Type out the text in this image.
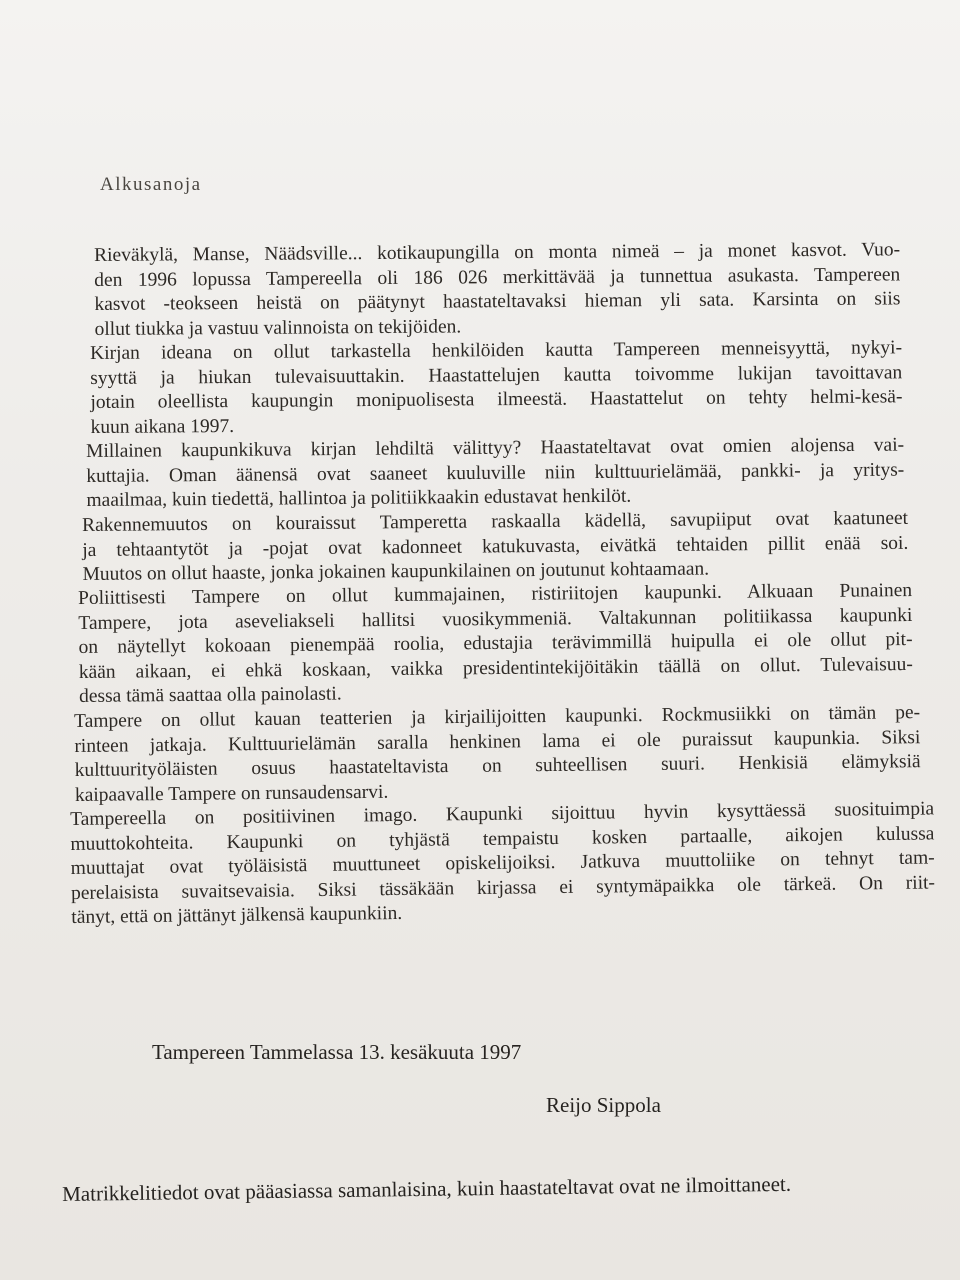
Alkusanoja
Rieväkylä, Manse, Näädsville... kotikaupungilla on monta nimeä – ja monet kasvot. Vuo-
den 1996 lopussa Tampereella oli 186 026 merkittävää ja tunnettua asukasta. Tampereen
kasvot -teokseen heistä on päätynyt haastateltavaksi hieman yli sata. Karsinta on siis
ollut tiukka ja vastuu valinnoista on tekijöiden.
Kirjan ideana on ollut tarkastella henkilöiden kautta Tampereen menneisyyttä, nykyi-
syyttä ja hiukan tulevaisuuttakin. Haastattelujen kautta toivomme lukijan tavoittavan
jotain oleellista kaupungin monipuolisesta ilmeestä. Haastattelut on tehty helmi-kesä-
kuun aikana 1997.
Millainen kaupunkikuva kirjan lehdiltä välittyy? Haastateltavat ovat omien alojensa vai-
kuttajia. Oman äänensä ovat saaneet kuuluville niin kulttuurielämää, pankki- ja yritys-
maailmaa, kuin tiedettä, hallintoa ja politiikkaakin edustavat henkilöt.
Rakennemuutos on kouraissut Tamperetta raskaalla kädellä, savupiiput ovat kaatuneet
ja tehtaantytöt ja -pojat ovat kadonneet katukuvasta, eivätkä tehtaiden pillit enää soi.
Muutos on ollut haaste, jonka jokainen kaupunkilainen on joutunut kohtaamaan.
Poliittisesti Tampere on ollut kummajainen, ristiriitojen kaupunki. Alkuaan Punainen
Tampere, jota aseveliakseli hallitsi vuosikymmeniä. Valtakunnan politiikassa kaupunki
on näytellyt kokoaan pienempää roolia, edustajia terävimmillä huipulla ei ole ollut pit-
kään aikaan, ei ehkä koskaan, vaikka presidentintekijöitäkin täällä on ollut. Tulevaisuu-
dessa tämä saattaa olla painolasti.
Tampere on ollut kauan teatterien ja kirjailijoitten kaupunki. Rockmusiikki on tämän pe-
rinteen jatkaja. Kulttuurielämän saralla henkinen lama ei ole puraissut kaupunkia. Siksi
kulttuurityöläisten osuus haastateltavista on suhteellisen suuri. Henkisiä elämyksiä
kaipaavalle Tampere on runsaudensarvi.
Tampereella on positiivinen imago. Kaupunki sijoittuu hyvin kysyttäessä suosituimpia
muuttokohteita. Kaupunki on tyhjästä tempaistu kosken partaalle, aikojen kulussa
muuttajat ovat työläisistä muuttuneet opiskelijoiksi. Jatkuva muuttoliike on tehnyt tam-
perelaisista suvaitsevaisia. Siksi tässäkään kirjassa ei syntymäpaikka ole tärkeä. On riit-
tänyt, että on jättänyt jälkensä kaupunkiin.
Tampereen Tammelassa 13. kesäkuuta 1997
Reijo Sippola
Matrikkelitiedot ovat pääasiassa samanlaisina, kuin haastateltavat ovat ne ilmoittaneet.
